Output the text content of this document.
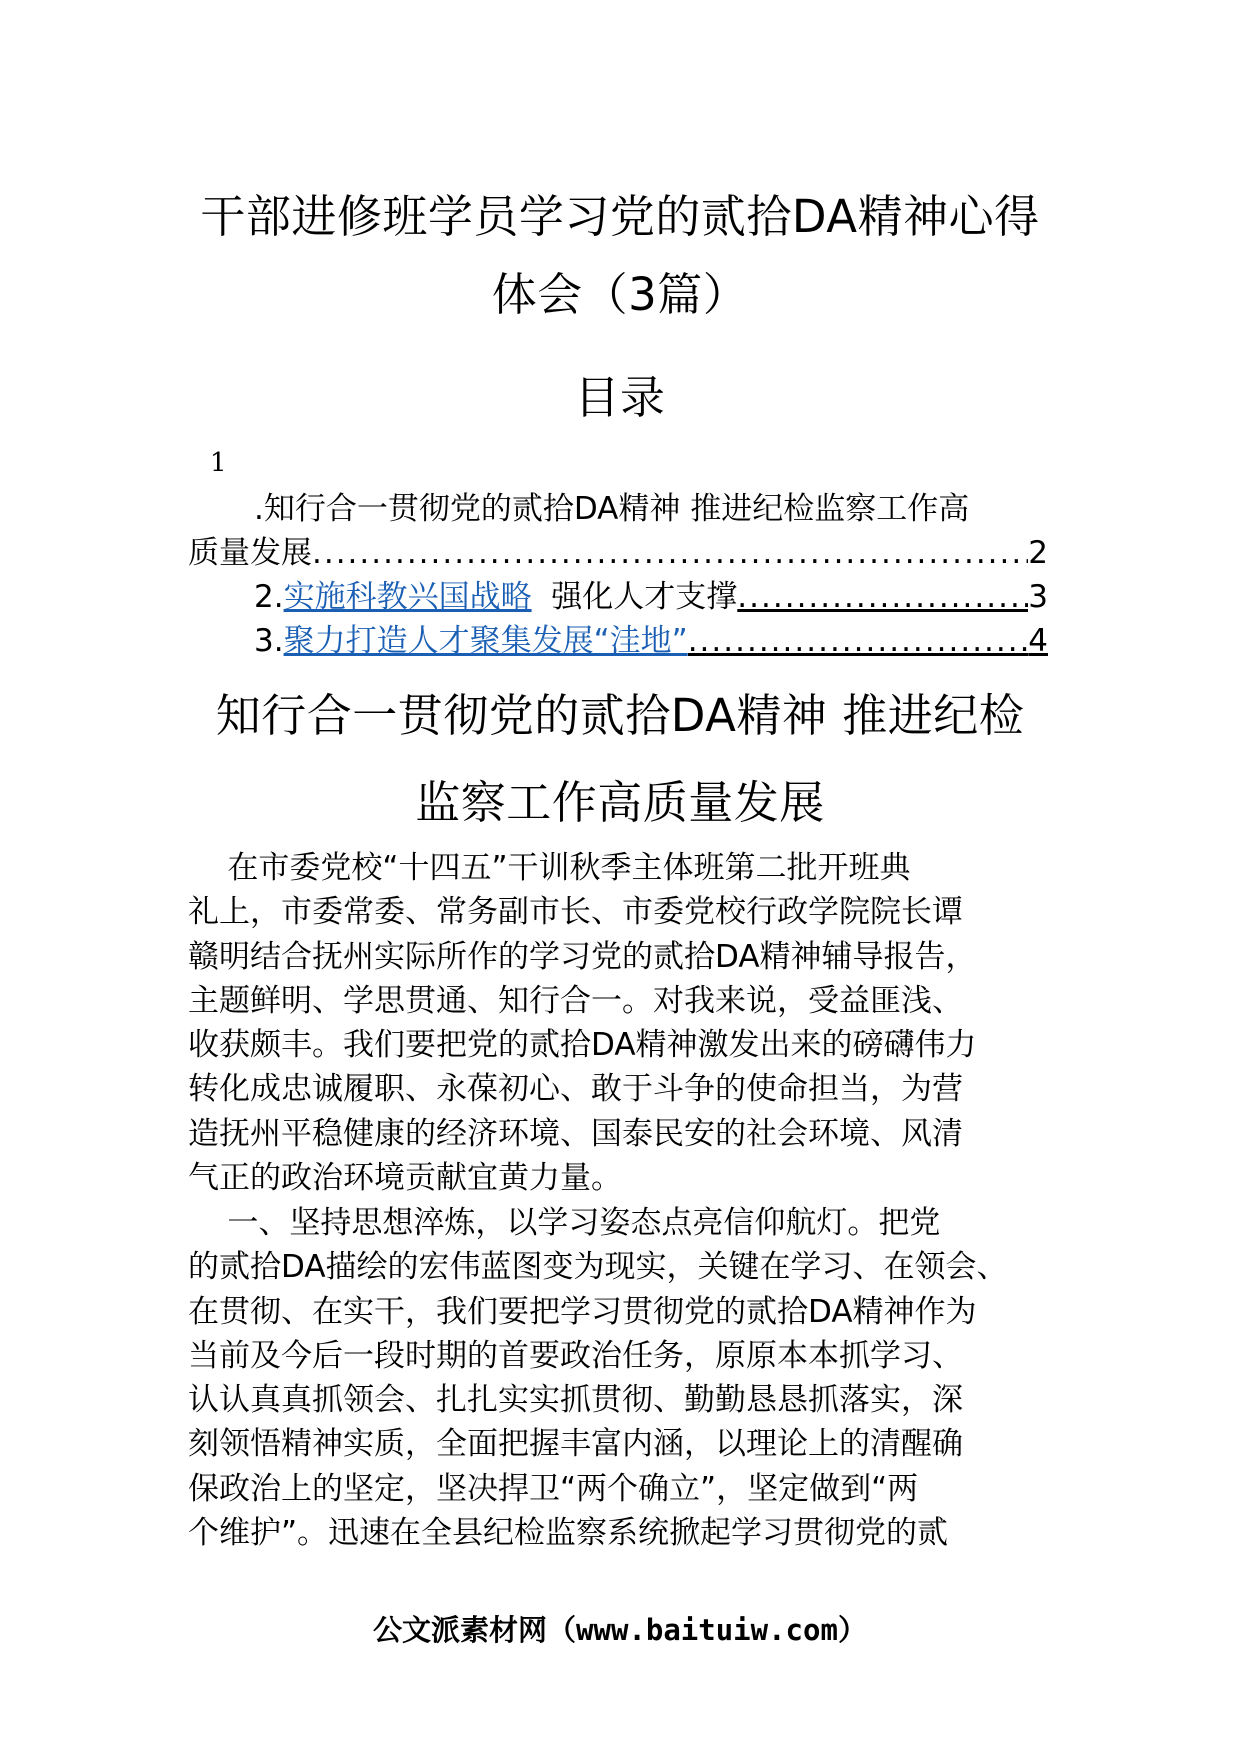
干部进修班学员学习党的贰拾DA精神心得
体会（3篇）
目录
1
.知行合一贯彻党的贰拾DA精神 推进纪检监察工作高
质量发展 .....	2
2. 实施科教兴国战略 强化人才支撑 .....	3
3. 聚力打造人才聚集发展“洼地” .....	4
知行合一贯彻党的贰拾DA精神 推进纪检
监察工作高质量发展

在市委党校“十四五”干训秋季主体班第二批开班典

礼上，市委常委、常务副市长、市委党校行政学院院长谭

赣明结合抚州实际所作的学习党的贰拾DA精神辅导报告，

主题鲜明、学思贯通、知行合一。对我来说，受益匪浅、

收获颇丰。我们要把党的贰拾DA精神激发出来的磅礴伟力

转化成忠诚履职、永葆初心、敢于斗争的使命担当，为营

造抚州平稳健康的经济环境、国泰民安的社会环境、风清

气正的政治环境贡献宜黄力量。

一、坚持思想淬炼，以学习姿态点亮信仰航灯。把党

的贰拾DA描绘的宏伟蓝图变为现实，关键在学习、在领会、

在贯彻、在实干，我们要把学习贯彻党的贰拾DA精神作为

当前及今后一段时期的首要政治任务，原原本本抓学习、

认认真真抓领会、扎扎实实抓贯彻、勤勤恳恳抓落实，深

刻领悟精神实质，全面把握丰富内涵，以理论上的清醒确

保政治上的坚定，坚决捍卫“两个确立”，坚定做到“两

个维护”。迅速在全县纪检监察系统掀起学习贯彻党的贰

公文派素材网（www.baituiw.com）
